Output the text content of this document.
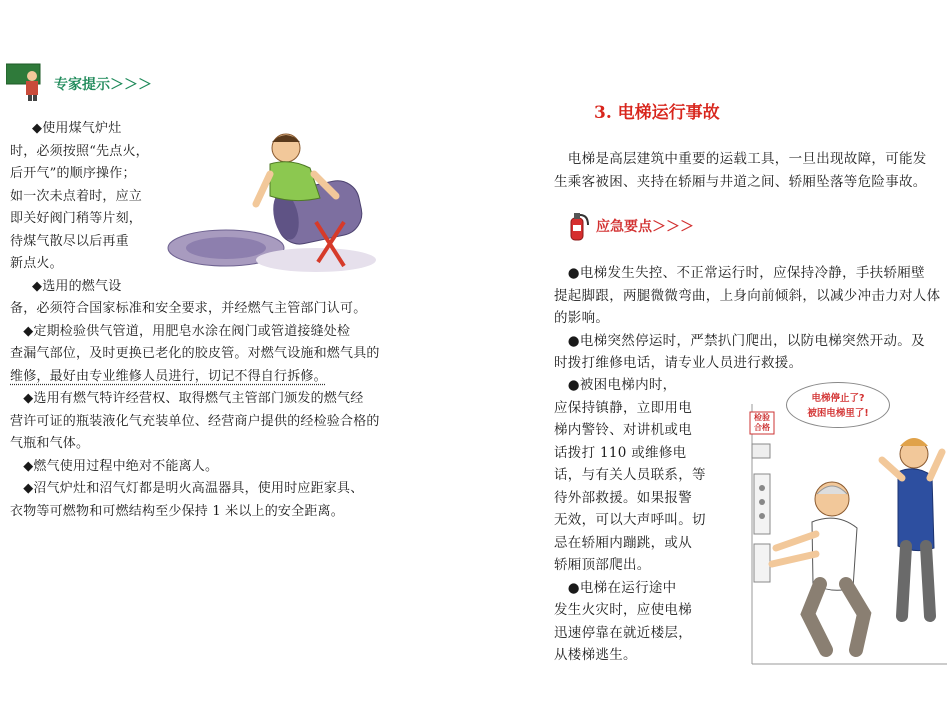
专家提示＞＞＞

◆使用煤气炉灶

时，必须按照“先点火，

后开气”的顺序操作；

如一次未点着时，应立

即关好阀门稍等片刻，

待煤气散尽以后再重

新点火。

◆选用的燃气设

备，必须符合国家标准和安全要求，并经燃气主管部门认可。

　◆定期检验供气管道，用肥皂水涂在阀门或管道接缝处检

查漏气部位，及时更换已老化的胶皮管。对燃气设施和燃气具的

维修，最好由专业维修人员进行，切记不得自行拆修。

　◆选用有燃气特许经营权、取得燃气主管部门颁发的燃气经

营许可证的瓶装液化气充装单位、经营商户提供的经检验合格的

气瓶和气体。

　◆燃气使用过程中绝对不能离人。

　◆沼气炉灶和沼气灯都是明火高温器具，使用时应距家具、

衣物等可燃物和可燃结构至少保持 1 米以上的安全距离。

3. 电梯运行事故

　电梯是高层建筑中重要的运载工具，一旦出现故障，可能发

生乘客被困、夹持在轿厢与井道之间、轿厢坠落等危险事故。

应急要点＞＞＞

　●电梯发生失控、不正常运行时，应保持冷静，手扶轿厢壁

提起脚跟，两腿微微弯曲，上身向前倾斜，以减少冲击力对人体

的影响。

　●电梯突然停运时，严禁扒门爬出，以防电梯突然开动。及

时拨打维修电话，请专业人员进行救援。

　●被困电梯内时，

应保持镇静，立即用电

梯内警铃、对讲机或电

话拨打 110 或维修电

话，与有关人员联系，等

待外部救援。如果报警

无效，可以大声呼叫。切

忌在轿厢内蹦跳，或从

轿厢顶部爬出。

　●电梯在运行途中

发生火灾时，应使电梯

迅速停靠在就近楼层，

从楼梯逃生。

检验合格
电梯停止了?
被困电梯里了!
